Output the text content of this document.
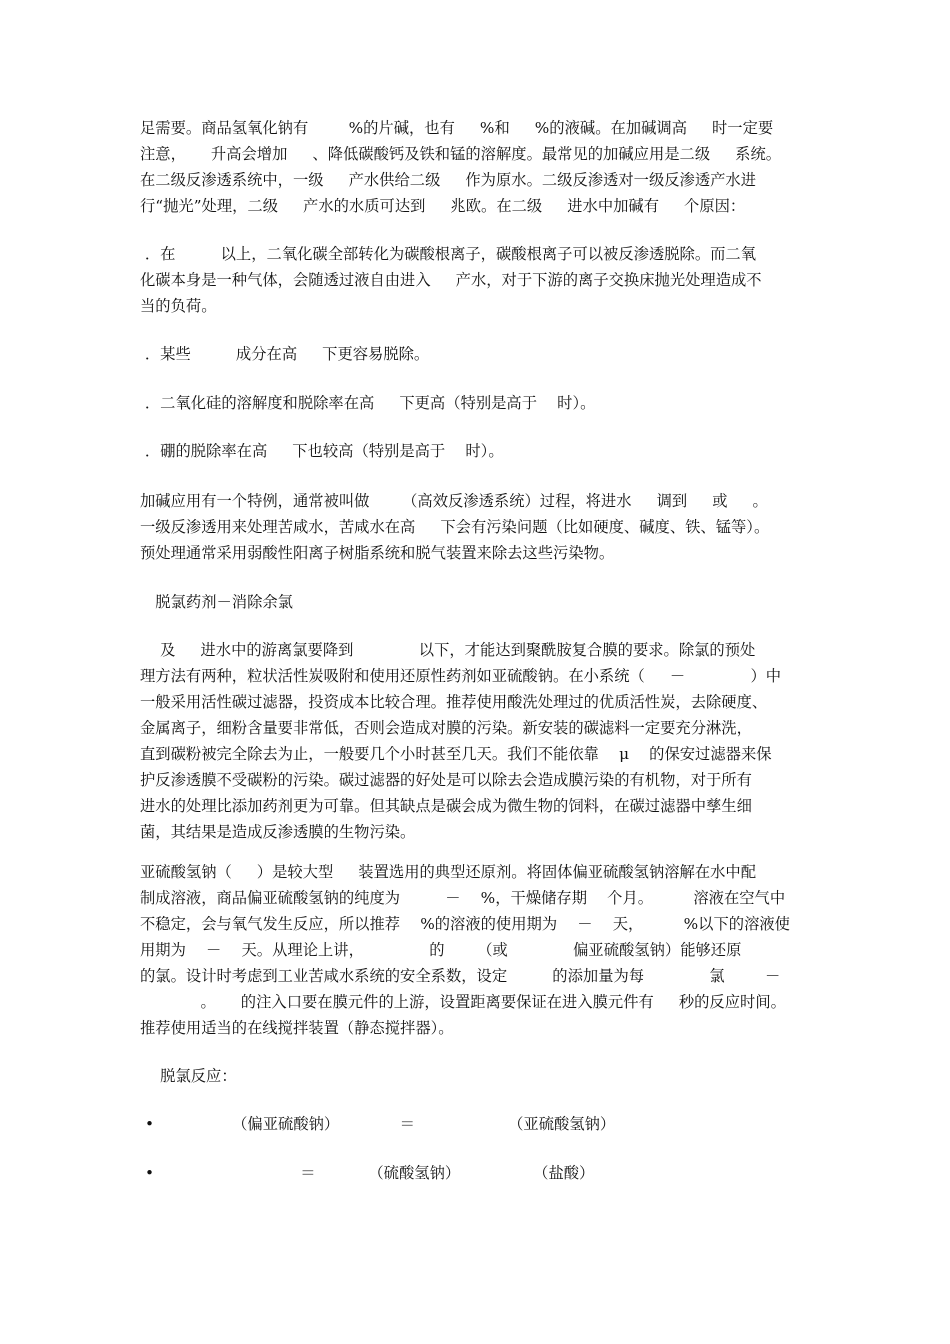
足需要。商品氢氧化钠有 　 　%的片碱，也有 　 %和 　 %的液碱。在加碱调高 　 时一定要
注意， 　 升高会增加 　 、降低碳酸钙及铁和锰的溶解度。最常见的加碱应用是二级 　 系统。
在二级反渗透系统中，一级 　 产水供给二级 　 作为原水。二级反渗透对一级反渗透产水进
行“抛光”处理，二级 　 产水的水质可达到 　 兆欧。在二级 　 进水中加碱有 　 个原因：
．在 　 　 以上，二氧化碳全部转化为碳酸根离子，碳酸根离子可以被反渗透脱除。而二氧
化碳本身是一种气体，会随透过液自由进入 　 产水，对于下游的离子交换床抛光处理造成不
当的负荷。
．某些 　 　 成分在高 　 下更容易脱除。
．二氧化硅的溶解度和脱除率在高 　 下更高（特别是高于 　时）。
．硼的脱除率在高 　 下也较高（特别是高于 　时）。
加碱应用有一个特例，通常被叫做 　 　（高效反渗透系统）过程，将进水 　 调到 　 或 　 。
一级反渗透用来处理苦咸水，苦咸水在高 　 下会有污染问题（比如硬度、碱度、铁、锰等）。
预处理通常采用弱酸性阳离子树脂系统和脱气装置来除去这些污染物。
　脱氯药剂－消除余氯
　 及 　 进水中的游离氯要降到 　 　 　 以下，才能达到聚酰胺复合膜的要求。除氯的预处
理方法有两种，粒状活性炭吸附和使用还原性药剂如亚硫酸钠。在小系统（ 　 － 　 　 　 ）中
一般采用活性碳过滤器，投资成本比较合理。推荐使用酸洗处理过的优质活性炭，去除硬度、
金属离子，细粉含量要非常低，否则会造成对膜的污染。新安装的碳滤料一定要充分淋洗，
直到碳粉被完全除去为止，一般要几个小时甚至几天。我们不能依靠 　μ　 的保安过滤器来保
护反渗透膜不受碳粉的污染。碳过滤器的好处是可以除去会造成膜污染的有机物，对于所有
进水的处理比添加药剂更为可靠。但其缺点是碳会成为微生物的饲料，在碳过滤器中孳生细
菌，其结果是造成反渗透膜的生物污染。
亚硫酸氢钠（ 　 ）是较大型 　 装置选用的典型还原剂。将固体偏亚硫酸氢钠溶解在水中配
制成溶液，商品偏亚硫酸氢钠的纯度为 　 　 － 　%，干燥储存期 　个月。 　 　溶液在空气中
不稳定，会与氧气发生反应，所以推荐 　%的溶液的使用期为 　－ 　天， 　 　%以下的溶液使
用期为 　－ 　天。从理论上讲， 　 　 　 的 　 　（或 　 　 　 偏亚硫酸氢钠）能够还原
的氯。设计时考虑到工业苦咸水系统的安全系数，设定 　 　 的添加量为每 　 　 　 氯 　 　－
　 　 　。 　 的注入口要在膜元件的上游，设置距离要保证在进入膜元件有 　 秒的反应时间。
推荐使用适当的在线搅拌装置（静态搅拌器）。
　 脱氯反应：
• 　 　 　 　（偏亚硫酸钠） 　 　 　＝ 　 　 　 　 　（亚硫酸氢钠）
• 　 　 　 　 　 　 　＝ 　 　 　（硫酸氢钠） 　 　 　 　（盐酸）
